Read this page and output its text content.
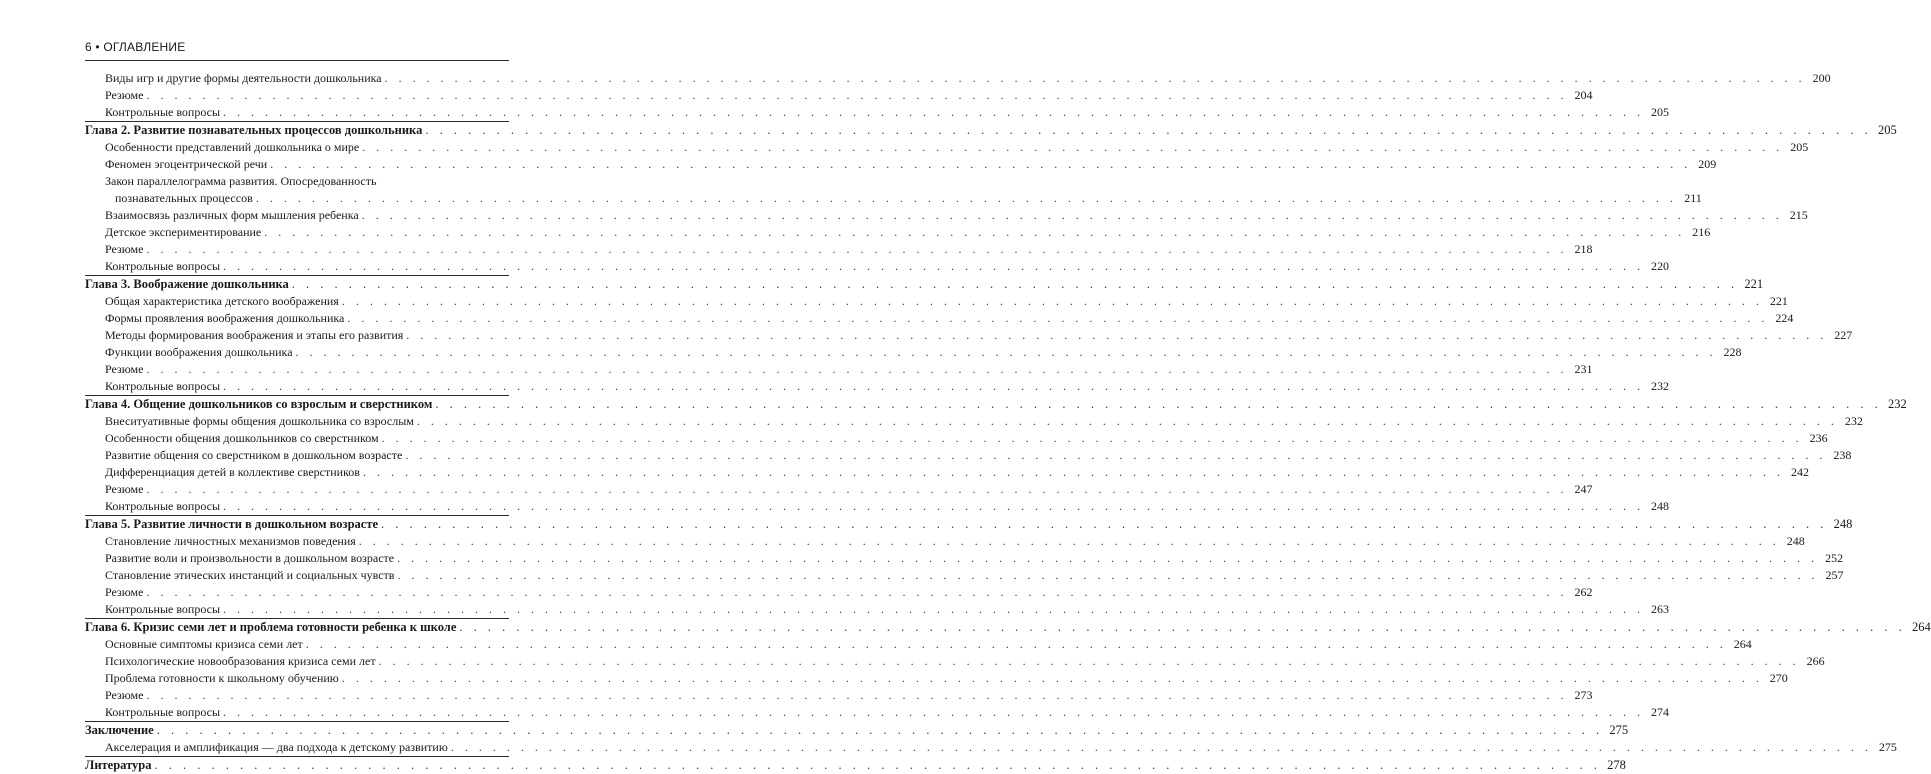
6 • ОГЛАВЛЕНИЕ
Виды игр и другие формы деятельности дошкольника . . .	200
Резюме . . .	204
Контрольные вопросы . . .	205
Глава 2. Развитие познавательных процессов дошкольника . . .	205
Особенности представлений дошкольника о мире . . .	205
Феномен эгоцентрической речи . . .	209
Закон параллелограмма развития. Опосредованность
познавательных процессов . . .	211
Взаимосвязь различных форм мышления ребенка . . .	215
Детское экспериментирование . . .	216
Резюме . . .	218
Контрольные вопросы . . .	220
Глава 3. Воображение дошкольника . . .	221
Общая характеристика детского воображения . . .	221
Формы проявления воображения дошкольника . . .	224
Методы формирования воображения и этапы его развития . . .	227
Функции воображения дошкольника . . .	228
Резюме . . .	231
Контрольные вопросы . . .	232
Глава 4. Общение дошкольников со взрослым и сверстником . . .	232
Внеситуативные формы общения дошкольника со взрослым . . .	232
Особенности общения дошкольников со сверстником . . .	236
Развитие общения со сверстником в дошкольном возрасте . . .	238
Дифференциация детей в коллективе сверстников . . .	242
Резюме . . .	247
Контрольные вопросы . . .	248
Глава 5. Развитие личности в дошкольном возрасте . . .	248
Становление личностных механизмов поведения . . .	248
Развитие воли и произвольности в дошкольном возрасте . . .	252
Становление этических инстанций и социальных чувств . . .	257
Резюме . . .	262
Контрольные вопросы . . .	263
Глава 6. Кризис семи лет и проблема готовности ребенка к школе . . .	264
Основные симптомы кризиса семи лет . . .	264
Психологические новообразования кризиса семи лет . . .	266
Проблема готовности к школьному обучению . . .	270
Резюме . . .	273
Контрольные вопросы . . .	274
Заключение . . .	275
Акселерация и амплификация — два подхода к детскому развитию . . .	275
Литература . . .	278
